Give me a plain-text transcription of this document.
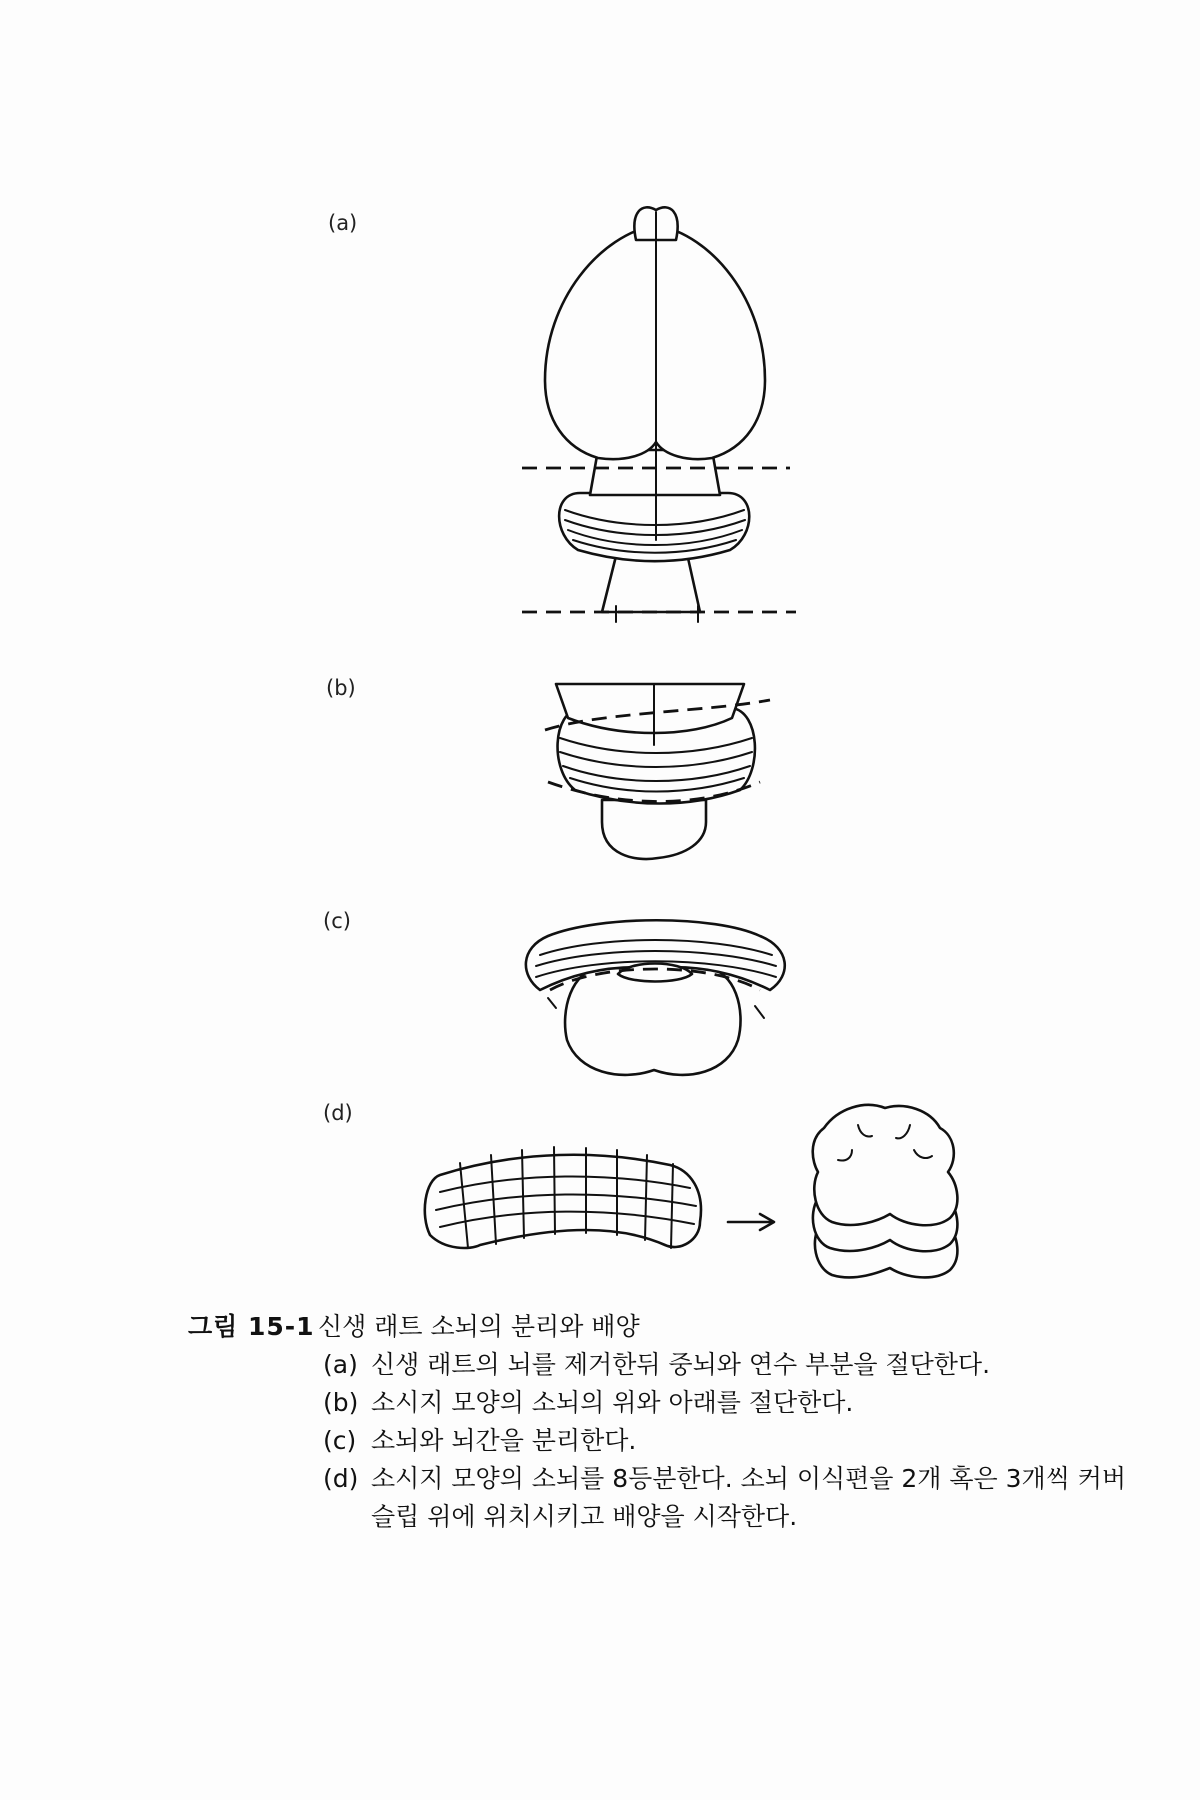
(a)
(b)
(c)
(d)
그림 15-1 신생 래트 소뇌의 분리와 배양
(a) 신생 래트의 뇌를 제거한뒤 중뇌와 연수 부분을 절단한다.
(b) 소시지 모양의 소뇌의 위와 아래를 절단한다.
(c) 소뇌와 뇌간을 분리한다.
(d) 소시지 모양의 소뇌를 8등분한다. 소뇌 이식편을 2개 혹은 3개씩 커버슬립 위에 위치시키고 배양을 시작한다.
